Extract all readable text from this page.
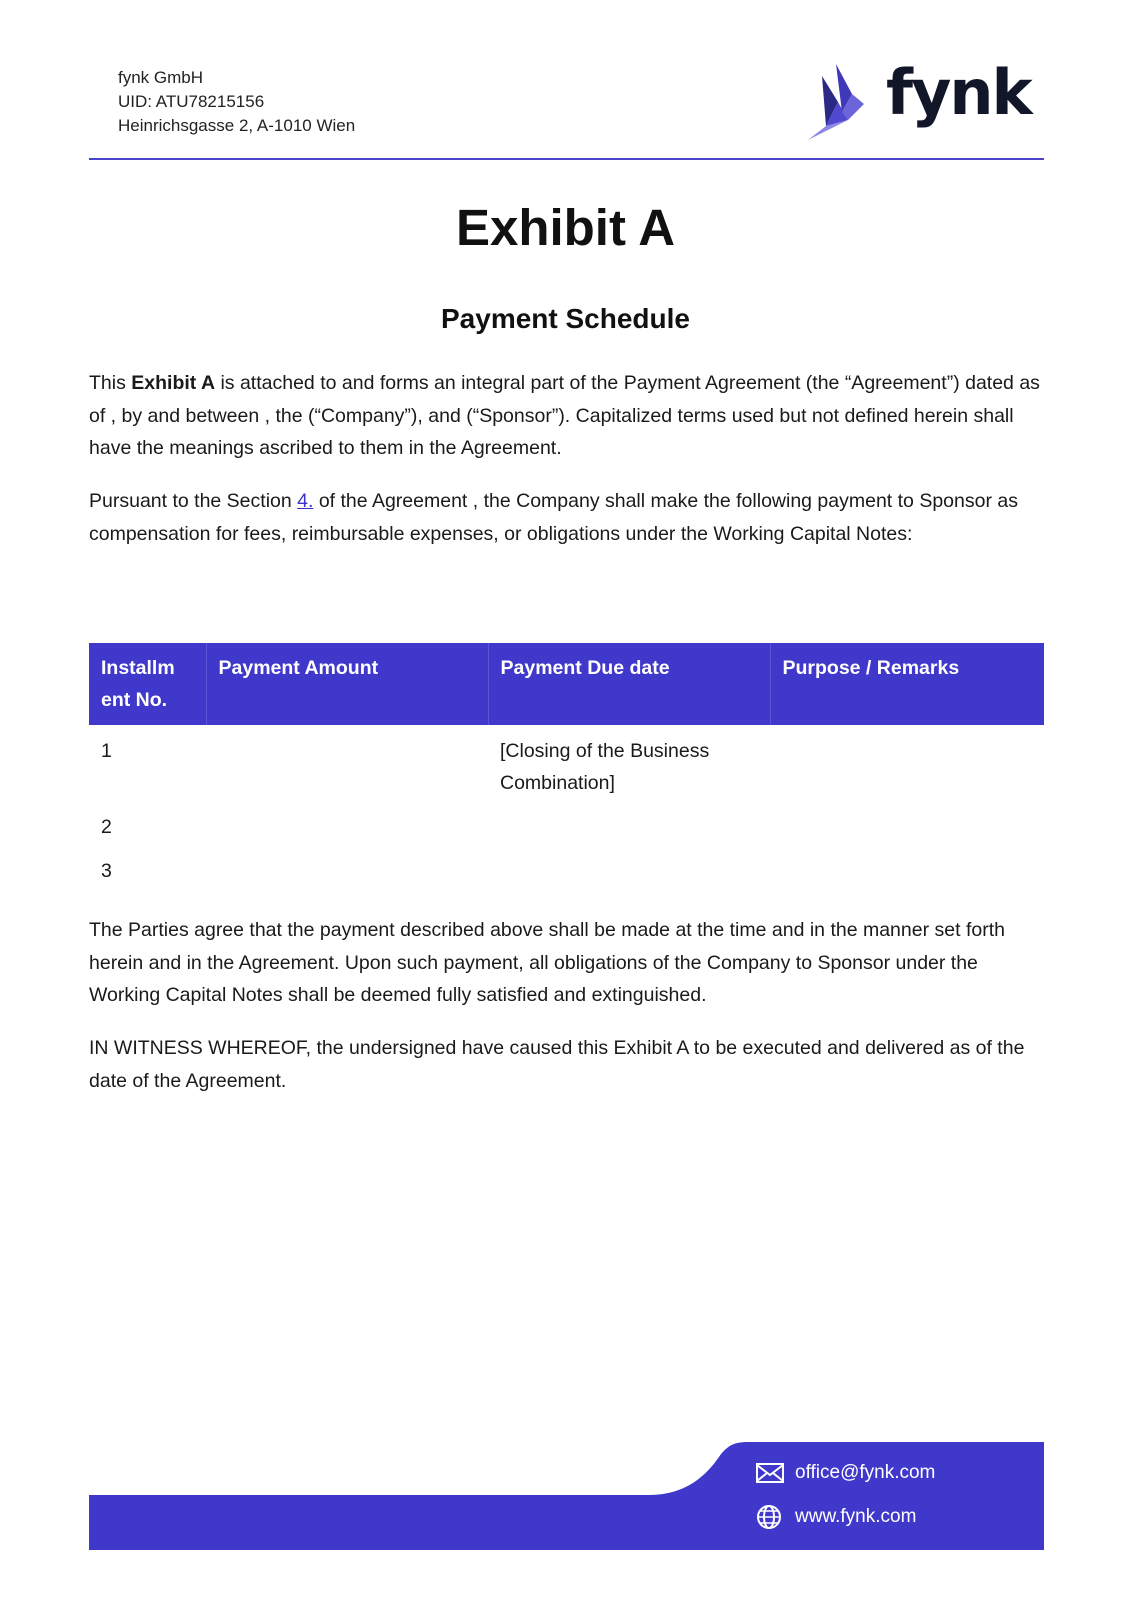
fynk GmbH
UID: ATU78215156
Heinrichsgasse 2, A-1010 Wien	fynk
Exhibit A
Payment Schedule

This Exhibit A is attached to and forms an integral part of the Payment Agreement (the “Agreement”) dated as of , by and between , the (“Company”), and (“Sponsor”). Capitalized terms used but not defined herein shall have the meanings ascribed to them in the Agreement.

Pursuant to the Section 4. of the Agreement , the Company shall make the following payment to Sponsor as compensation for fees, reimbursable expenses, or obligations under the Working Capital Notes:

Installment No.	Payment Amount	Payment Due date	Purpose / Remarks
1		[Closing of the Business Combination]	
2			
3			

The Parties agree that the payment described above shall be made at the time and in the manner set forth herein and in the Agreement. Upon such payment, all obligations of the Company to Sponsor under the Working Capital Notes shall be deemed fully satisfied and extinguished.

IN WITNESS WHEREOF, the undersigned have caused this Exhibit A to be executed and delivered as of the date of the Agreement.

office@fynk.com
www.fynk.com
